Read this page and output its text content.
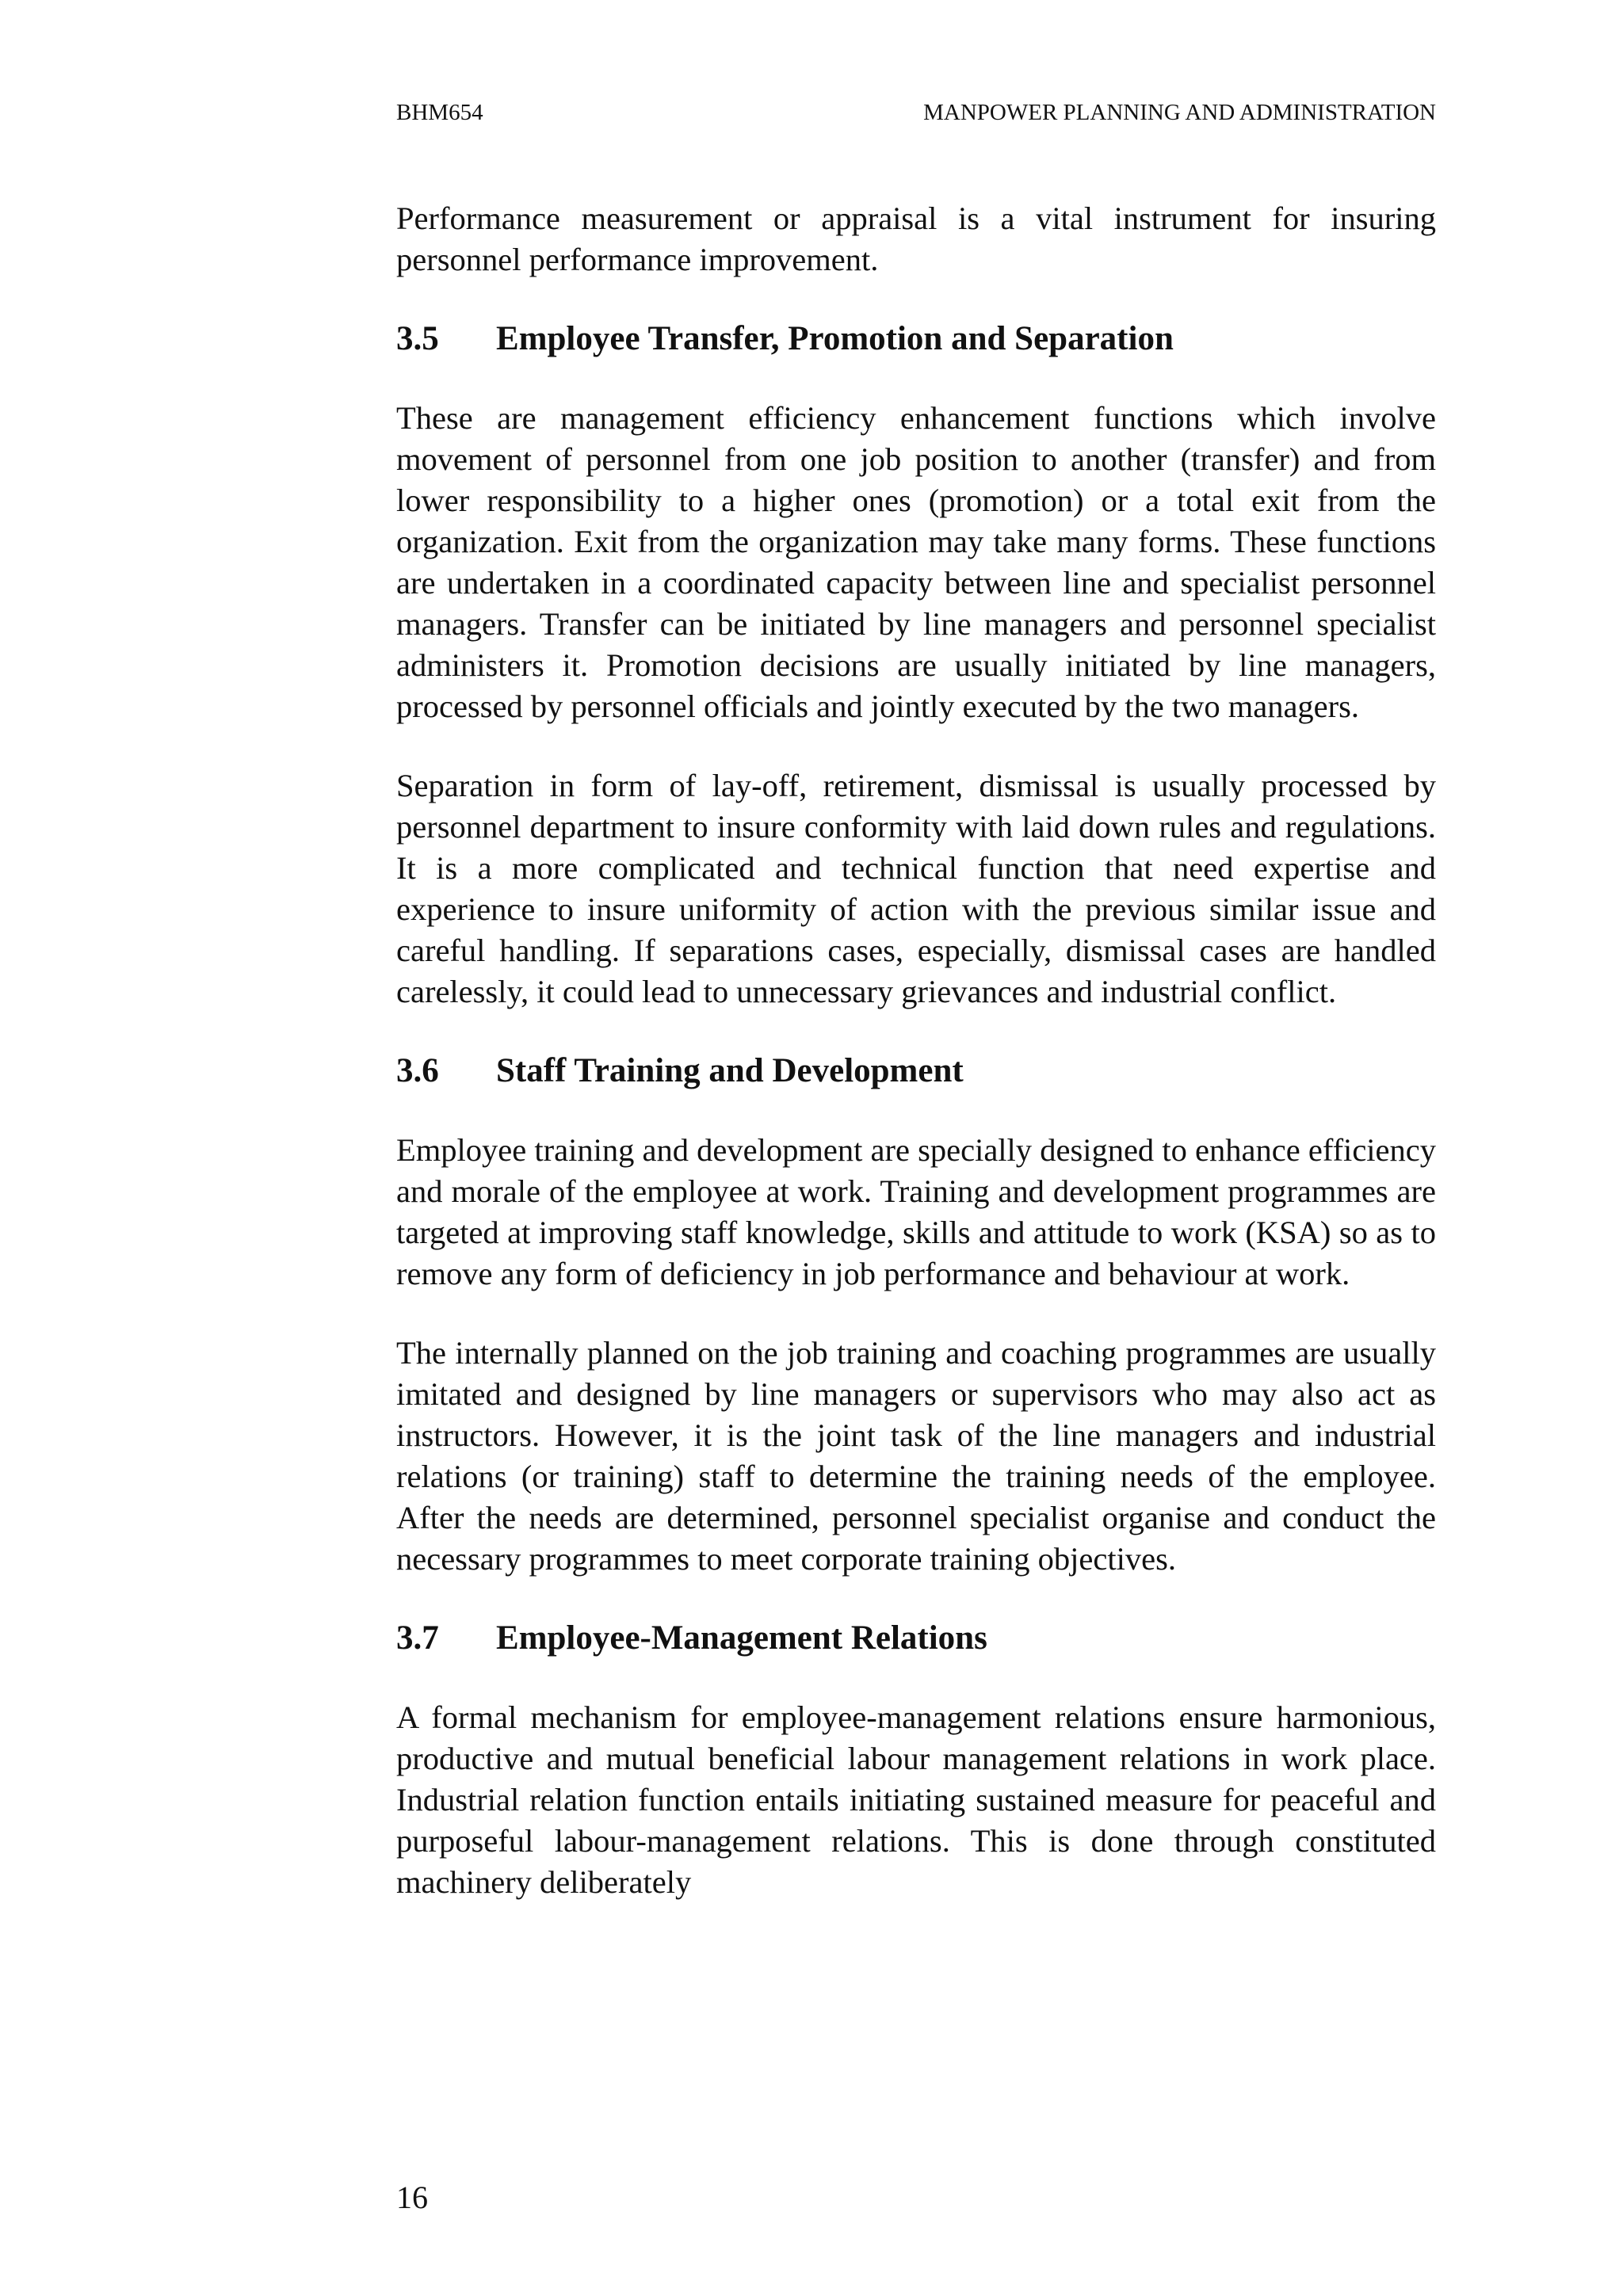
BHM654	MANPOWER PLANNING AND ADMINISTRATION

Performance measurement or appraisal is a vital instrument for insuring personnel performance improvement.

3.5 Employee Transfer, Promotion and Separation

These are management efficiency enhancement functions which involve movement of personnel from one job position to another (transfer) and from lower responsibility to a higher ones (promotion) or a total exit from the organization. Exit from the organization may take many forms. These functions are undertaken in a coordinated capacity between line and specialist personnel managers. Transfer can be initiated by line managers and personnel specialist administers it. Promotion decisions are usually initiated by line managers, processed by personnel officials and jointly executed by the two managers.

Separation in form of lay-off, retirement, dismissal is usually processed by personnel department to insure conformity with laid down rules and regulations. It is a more complicated and technical function that need expertise and experience to insure uniformity of action with the previous similar issue and careful handling. If separations cases, especially, dismissal cases are handled carelessly, it could lead to unnecessary grievances and industrial conflict.

3.6 Staff Training and Development

Employee training and development are specially designed to enhance efficiency and morale of the employee at work. Training and development programmes are targeted at improving staff knowledge, skills and attitude to work (KSA) so as to remove any form of deficiency in job performance and behaviour at work.

The internally planned on the job training and coaching programmes are usually imitated and designed by line managers or supervisors who may also act as instructors. However, it is the joint task of the line managers and industrial relations (or training) staff to determine the training needs of the employee. After the needs are determined, personnel specialist organise and conduct the necessary programmes to meet corporate training objectives.

3.7 Employee-Management Relations

A formal mechanism for employee-management relations ensure harmonious, productive and mutual beneficial labour management relations in work place. Industrial relation function entails initiating sustained measure for peaceful and purposeful labour-management relations. This is done through constituted machinery deliberately

16
